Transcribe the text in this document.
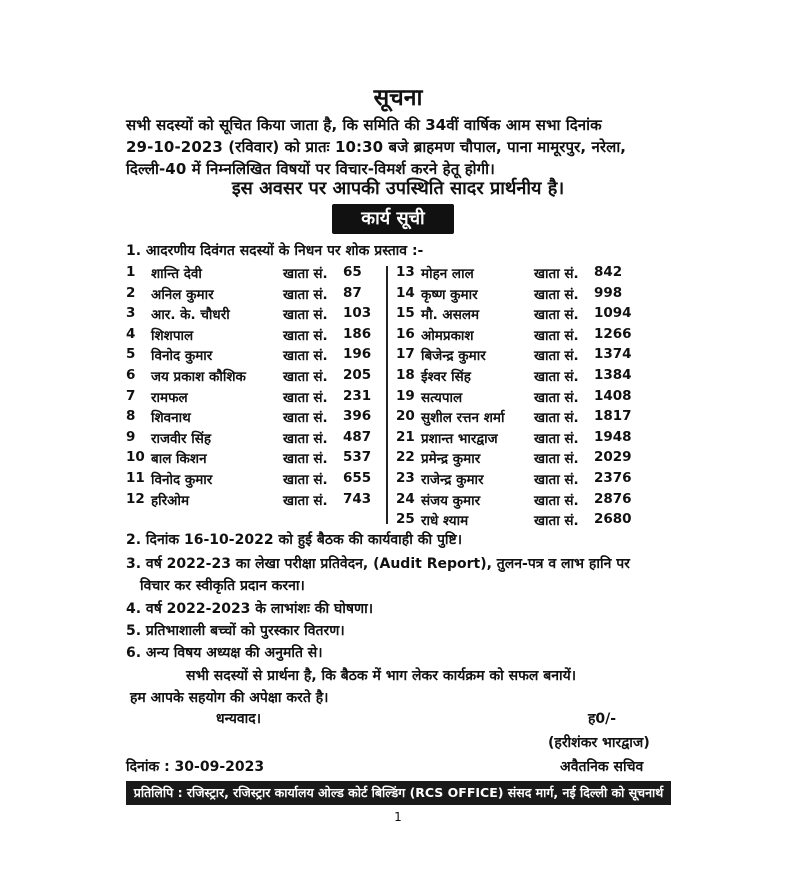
सूचना
सभी सदस्यों को सूचित किया जाता है, कि समिति की 34वीं वार्षिक आम सभा दिनांक
29-10-2023 (रविवार) को प्रातः 10:30 बजे ब्राहमण चौपाल, पाना मामूरपुर, नरेला,
दिल्ली-40 में निम्नलिखित विषयों पर विचार-विमर्श करने हेतू होगी।
इस अवसर पर आपकी उपस्थिति सादर प्रार्थनीय है।
कार्य सूची
1. आदरणीय दिवंगत सदस्यों के निधन पर शोक प्रस्ताव :-
1 शान्ति देवी	खाता सं. 65
2 अनिल कुमार	खाता सं. 87
3 आर. के. चौधरी	खाता सं. 103
4 शिशपाल	खाता सं. 186
5 विनोद कुमार	खाता सं. 196
6 जय प्रकाश कौशिक	खाता सं. 205
7 रामफल	खाता सं. 231
8 शिवनाथ	खाता सं. 396
9 राजवीर सिंह	खाता सं. 487
10 बाल किशन	खाता सं. 537
11 विनोद कुमार	खाता सं. 655
12 हरिओम	खाता सं. 743
13 मोहन लाल	खाता सं. 842
14 कृष्ण कुमार	खाता सं. 998
15 मौ. असलम	खाता सं. 1094
16 ओमप्रकाश	खाता सं. 1266
17 बिजेन्द्र कुमार	खाता सं. 1374
18 ईश्वर सिंह	खाता सं. 1384
19 सत्यपाल	खाता सं. 1408
20 सुशील रत्तन शर्मा खाता सं. 1817
21 प्रशान्त भारद्वाज	खाता सं. 1948
22 प्रमेन्द्र कुमार	खाता सं. 2029
23 राजेन्द्र कुमार	खाता सं. 2376
24 संजय कुमार	खाता सं. 2876
25 राधे श्याम	खाता सं. 2680
2. दिनांक 16-10-2022 को हुई बैठक की कार्यवाही की पुष्टि।
3. वर्ष 2022-23 का लेखा परीक्षा प्रतिवेदन, (Audit Report), तुलन-पत्र व लाभ हानि पर
विचार कर स्वीकृति प्रदान करना।
4. वर्ष 2022-2023 के लाभांशः की घोषणा।
5. प्रतिभाशाली बच्चों को पुरस्कार वितरण।
6. अन्य विषय अध्यक्ष की अनुमति से।
सभी सदस्यों से प्रार्थना है, कि बैठक में भाग लेकर कार्यक्रम को सफल बनायें।
हम आपके सहयोग की अपेक्षा करते है।
धन्यवाद।	ह0/-
(हरीशंकर भारद्वाज)
दिनांक : 30-09-2023	अवैतनिक सचिव
प्रतिलिपि : रजिस्ट्रार, रजिस्ट्रार कार्यालय ओल्ड कोर्ट बिल्डिंग (RCS OFFICE) संसद मार्ग, नई दिल्ली को सूचनार्थ
1
